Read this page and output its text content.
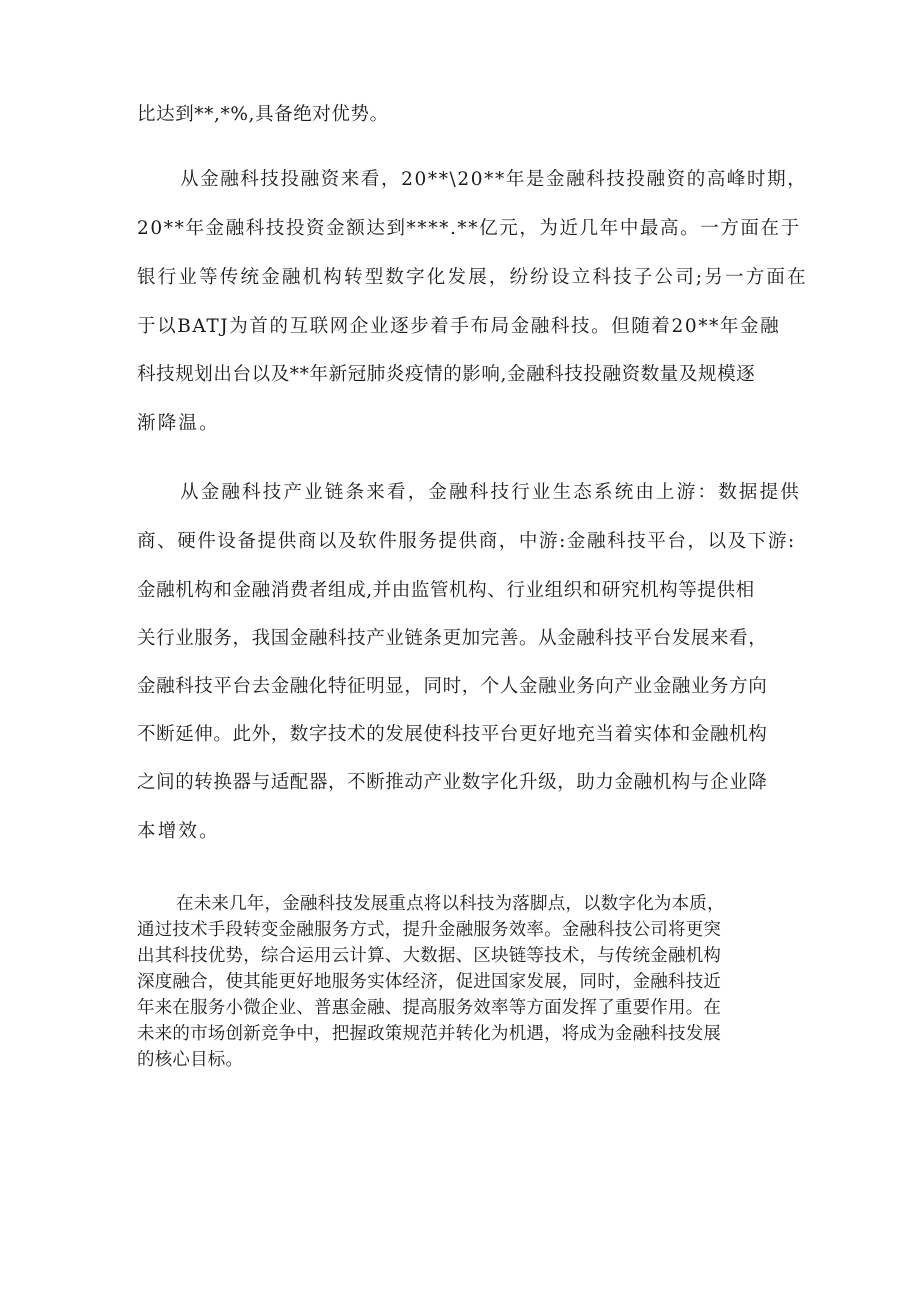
比达到**,*%,具备绝对优势。
从金融科技投融资来看，20**\20**年是金融科技投融资的高峰时期，
20**年金融科技投资金额达到****.**亿元，为近几年中最高。一方面在于
银行业等传统金融机构转型数字化发展，纷纷设立科技子公司;另一方面在
于以BATJ为首的互联网企业逐步着手布局金融科技。但随着20**年金融
科技规划出台以及**年新冠肺炎疫情的影响,金融科技投融资数量及规模逐
渐降温。
从金融科技产业链条来看，金融科技行业生态系统由上游：数据提供
商、硬件设备提供商以及软件服务提供商，中游:金融科技平台，以及下游:
金融机构和金融消费者组成,并由监管机构、行业组织和研究机构等提供相
关行业服务，我国金融科技产业链条更加完善。从金融科技平台发展来看，
金融科技平台去金融化特征明显，同时，个人金融业务向产业金融业务方向
不断延伸。此外，数字技术的发展使科技平台更好地充当着实体和金融机构
之间的转换器与适配器，不断推动产业数字化升级，助力金融机构与企业降
本增效。
在未来几年，金融科技发展重点将以科技为落脚点，以数字化为本质，
通过技术手段转变金融服务方式，提升金融服务效率。金融科技公司将更突
出其科技优势，综合运用云计算、大数据、区块链等技术，与传统金融机构
深度融合，使其能更好地服务实体经济，促进国家发展，同时，金融科技近
年来在服务小微企业、普惠金融、提高服务效率等方面发挥了重要作用。在
未来的市场创新竞争中，把握政策规范并转化为机遇，将成为金融科技发展
的核心目标。
